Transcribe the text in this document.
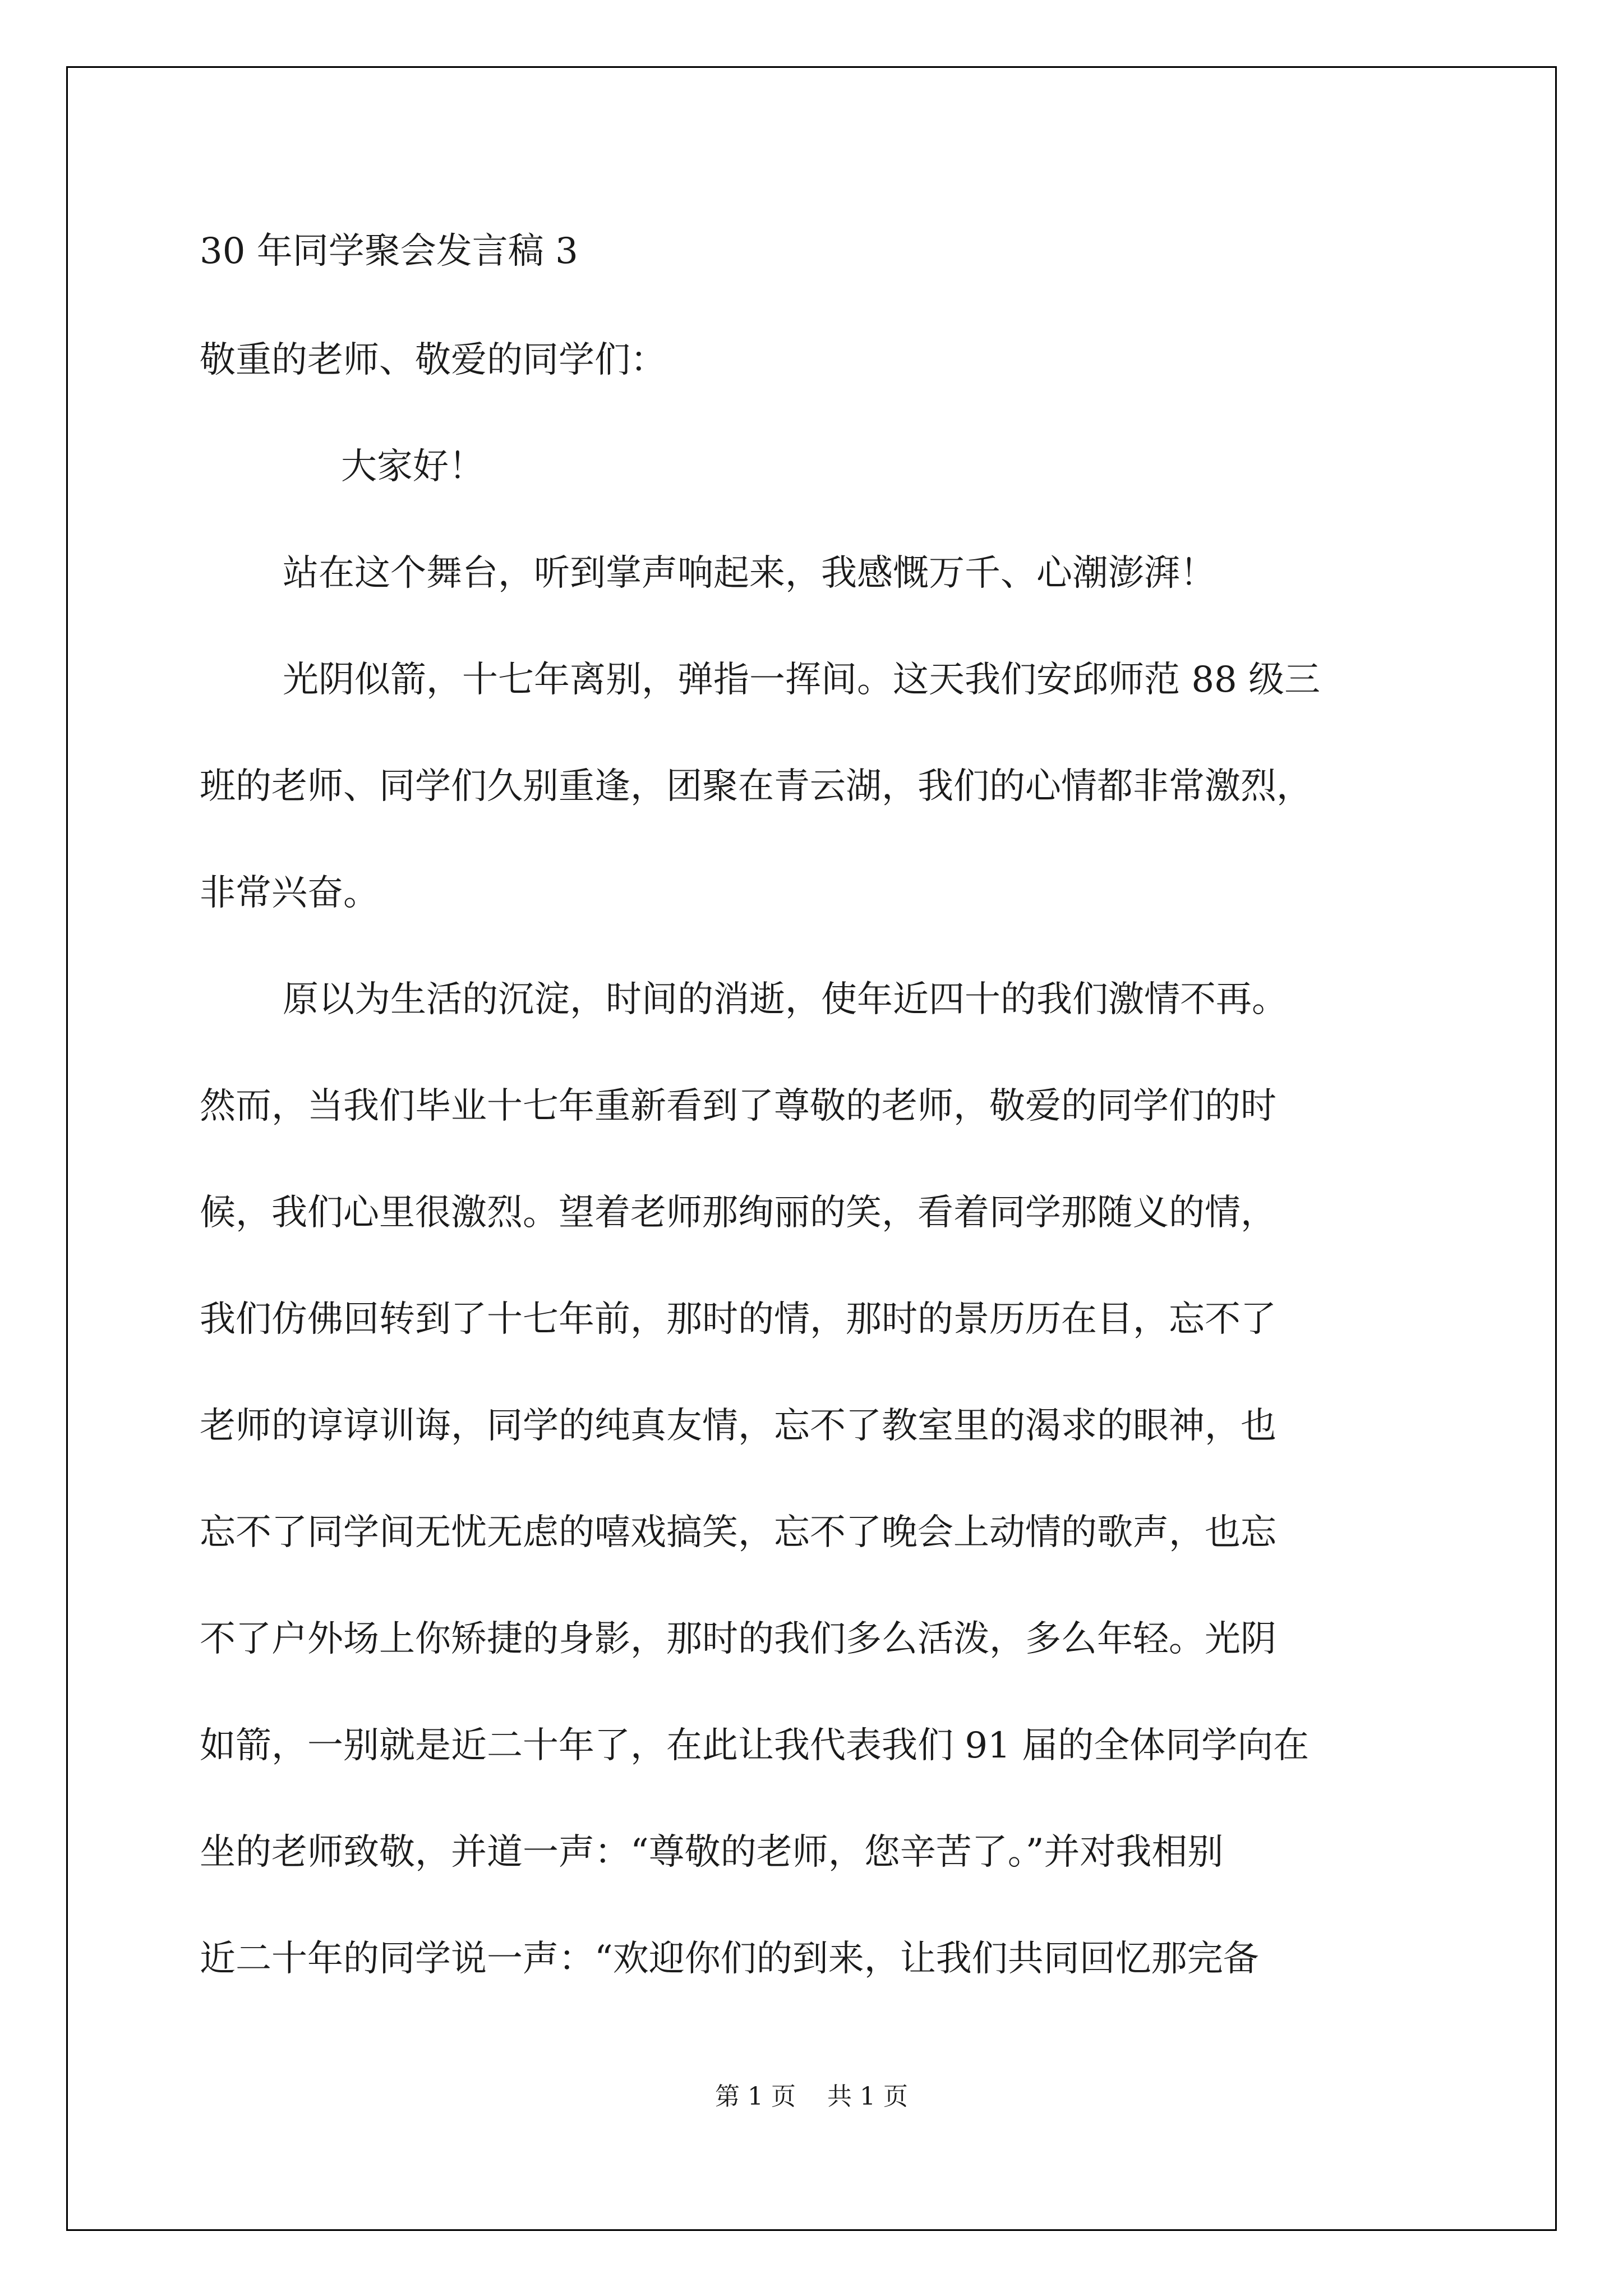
30 年同学聚会发言稿 3
敬重的老师、敬爱的同学们：
大家好！
站在这个舞台，听到掌声响起来，我感慨万千、心潮澎湃！
光阴似箭，十七年离别，弹指一挥间。这天我们安邱师范 88 级三
班的老师、同学们久别重逢，团聚在青云湖，我们的心情都非常激烈，
非常兴奋。
原以为生活的沉淀，时间的消逝，使年近四十的我们激情不再。
然而，当我们毕业十七年重新看到了尊敬的老师，敬爱的同学们的时
候，我们心里很激烈。望着老师那绚丽的笑，看着同学那随义的情，
我们仿佛回转到了十七年前，那时的情，那时的景历历在目，忘不了
老师的谆谆训诲，同学的纯真友情，忘不了教室里的渴求的眼神，也
忘不了同学间无忧无虑的嘻戏搞笑，忘不了晚会上动情的歌声，也忘
不了户外场上你矫捷的身影，那时的我们多么活泼，多么年轻。光阴
如箭，一别就是近二十年了，在此让我代表我们 91 届的全体同学向在
坐的老师致敬，并道一声：“尊敬的老师，您辛苦了。”并对我相别
近二十年的同学说一声：“欢迎你们的到来，让我们共同回忆那完备
第 1 页 共 1 页
